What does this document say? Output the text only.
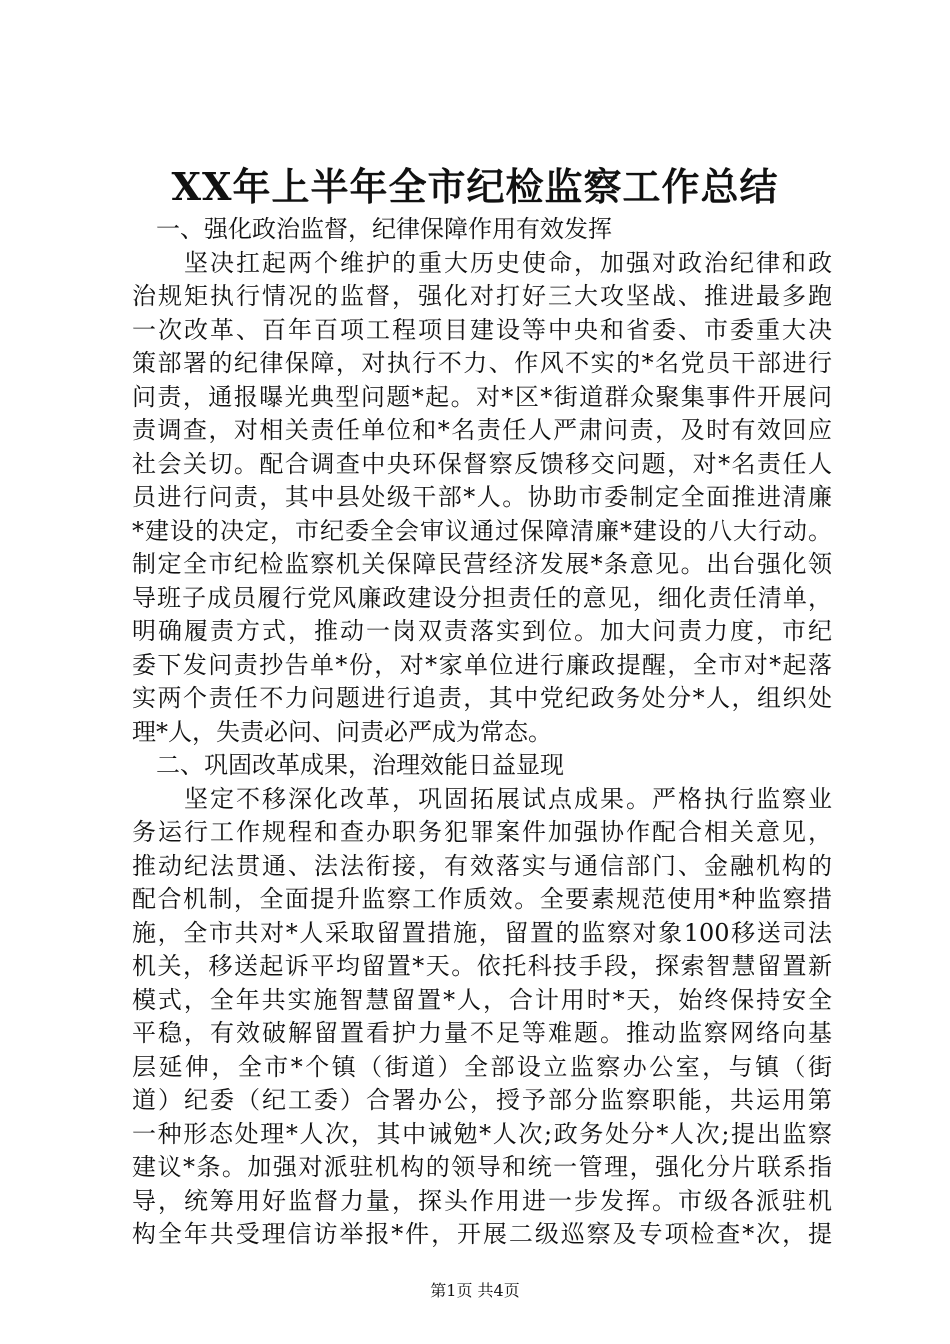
XX年上半年全市纪检监察工作总结
　一、强化政治监督，纪律保障作用有效发挥
　　坚决扛起两个维护的重大历史使命，加强对政治纪律和政
治规矩执行情况的监督，强化对打好三大攻坚战、推进最多跑
一次改革、百年百项工程项目建设等中央和省委、市委重大决
策部署的纪律保障，对执行不力、作风不实的*名党员干部进行
问责，通报曝光典型问题*起。对*区*街道群众聚集事件开展问
责调查，对相关责任单位和*名责任人严肃问责，及时有效回应
社会关切。配合调查中央环保督察反馈移交问题，对*名责任人
员进行问责，其中县处级干部*人。协助市委制定全面推进清廉
*建设的决定，市纪委全会审议通过保障清廉*建设的八大行动。
制定全市纪检监察机关保障民营经济发展*条意见。出台强化领
导班子成员履行党风廉政建设分担责任的意见，细化责任清单，
明确履责方式，推动一岗双责落实到位。加大问责力度，市纪
委下发问责抄告单*份，对*家单位进行廉政提醒，全市对*起落
实两个责任不力问题进行追责，其中党纪政务处分*人，组织处
理*人，失责必问、问责必严成为常态。
　二、巩固改革成果，治理效能日益显现
　　坚定不移深化改革，巩固拓展试点成果。严格执行监察业
务运行工作规程和查办职务犯罪案件加强协作配合相关意见，
推动纪法贯通、法法衔接，有效落实与通信部门、金融机构的
配合机制，全面提升监察工作质效。全要素规范使用*种监察措
施，全市共对*人采取留置措施，留置的监察对象100移送司法
机关，移送起诉平均留置*天。依托科技手段，探索智慧留置新
模式，全年共实施智慧留置*人，合计用时*天，始终保持安全
平稳，有效破解留置看护力量不足等难题。推动监察网络向基
层延伸，全市*个镇（街道）全部设立监察办公室，与镇（街
道）纪委（纪工委）合署办公，授予部分监察职能，共运用第
一种形态处理*人次，其中诫勉*人次;政务处分*人次;提出监察
建议*条。加强对派驻机构的领导和统一管理，强化分片联系指
导，统筹用好监督力量，探头作用进一步发挥。市级各派驻机
构全年共受理信访举报*件，开展二级巡察及专项检查*次，提
第1页 共4页
